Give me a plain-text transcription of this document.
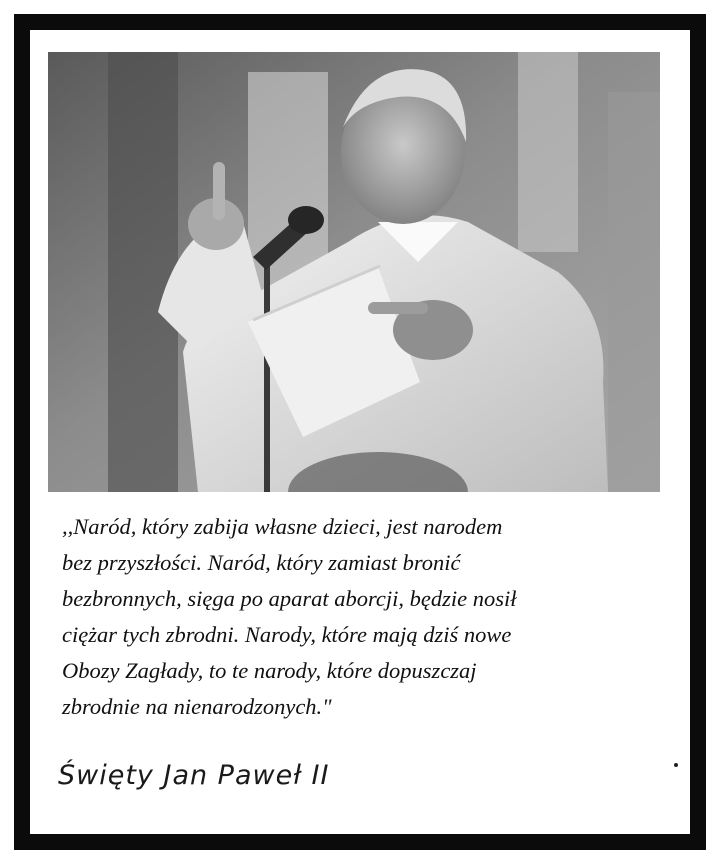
,,Naród, który zabija własne dzieci, jest narodem
bez przyszłości. Naród, który zamiast bronić
bezbronnych, sięga po aparat aborcji, będzie nosił
ciężar tych zbrodni. Narody, które mają dziś nowe
Obozy Zagłady, to te narody, które dopuszczaj
zbrodnie na nienarodzonych."

Święty Jan Paweł II
